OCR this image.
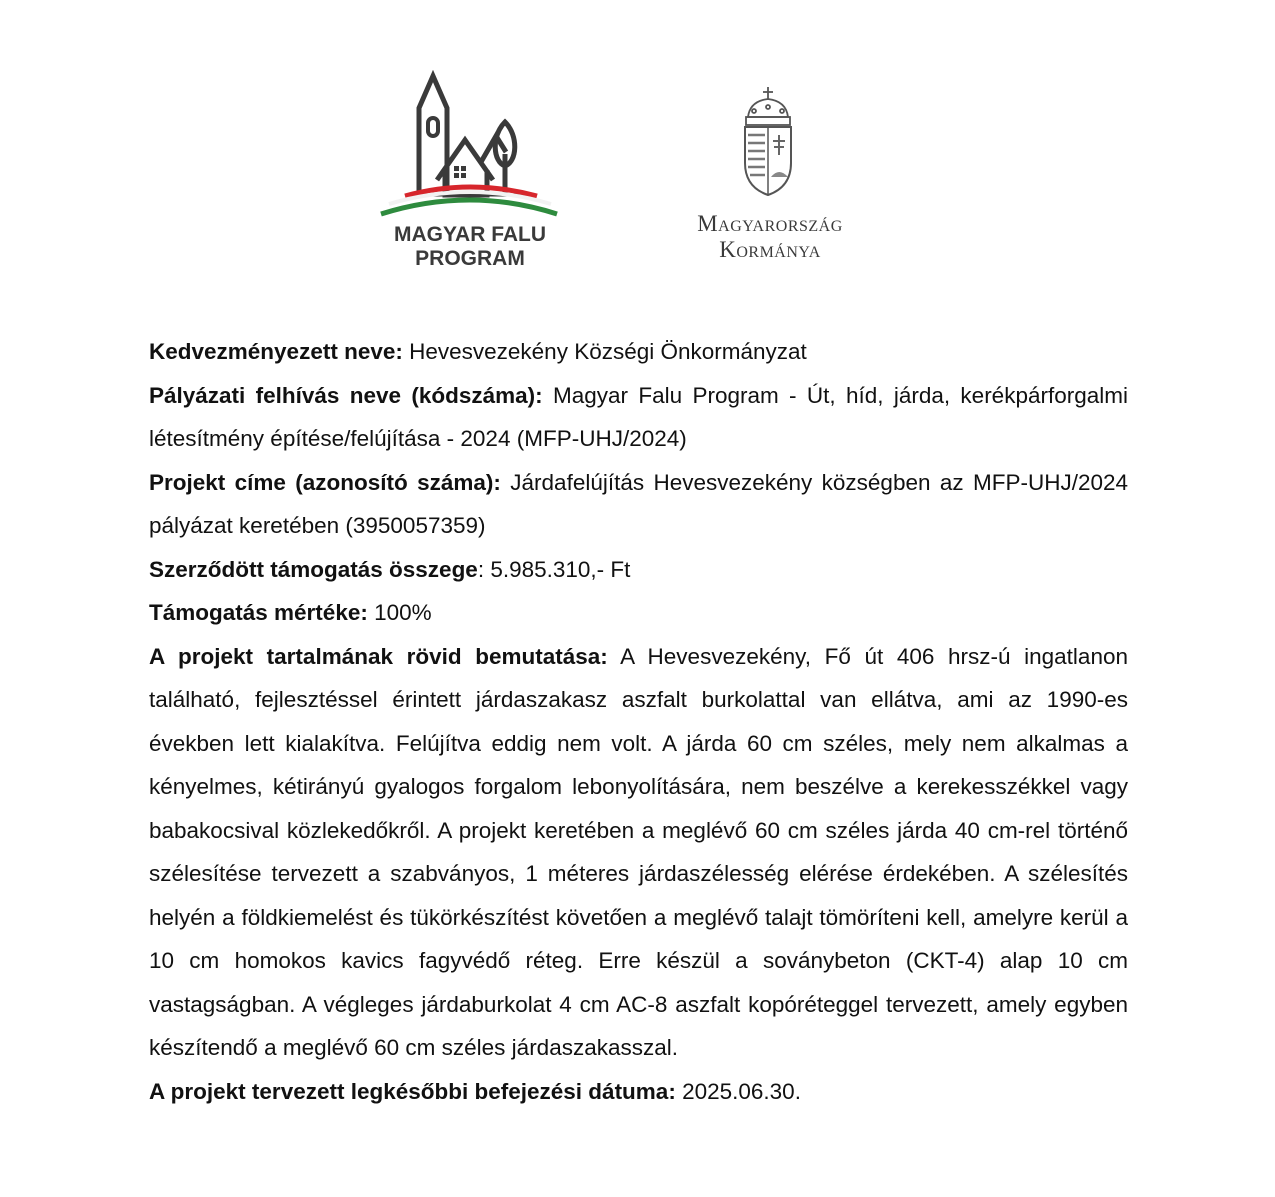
MAGYAR FALU
PROGRAM
Magyarország
Kormánya

Kedvezményezett neve: Hevesvezekény Községi Önkormányzat

Pályázati felhívás neve (kódszáma): Magyar Falu Program - Út, híd, járda, kerékpárforgalmi létesítmény építése/felújítása - 2024 (MFP-UHJ/2024)

Projekt címe (azonosító száma): Járdafelújítás Hevesvezekény községben az MFP-UHJ/2024 pályázat keretében (3950057359)

Szerződött támogatás összege: 5.985.310,- Ft

Támogatás mértéke: 100%

A projekt tartalmának rövid bemutatása: A Hevesvezekény, Fő út 406 hrsz-ú ingatlanon található, fejlesztéssel érintett járdaszakasz aszfalt burkolattal van ellátva, ami az 1990-es években lett kialakítva. Felújítva eddig nem volt. A járda 60 cm széles, mely nem alkalmas a kényelmes, kétirányú gyalogos forgalom lebonyolítására, nem beszélve a kerekesszékkel vagy babakocsival közlekedőkről. A projekt keretében a meglévő 60 cm széles járda 40 cm-rel történő szélesítése tervezett a szabványos, 1 méteres járdaszélesség elérése érdekében. A szélesítés helyén a földkiemelést és tükörkészítést követően a meglévő talajt tömöríteni kell, amelyre kerül a 10 cm homokos kavics fagyvédő réteg. Erre készül a soványbeton (CKT-4) alap 10 cm vastagságban. A végleges járdaburkolat 4 cm AC-8 aszfalt kopóréteggel tervezett, amely egyben készítendő a meglévő 60 cm széles járdaszakasszal.

A projekt tervezett legkésőbbi befejezési dátuma: 2025.06.30.
